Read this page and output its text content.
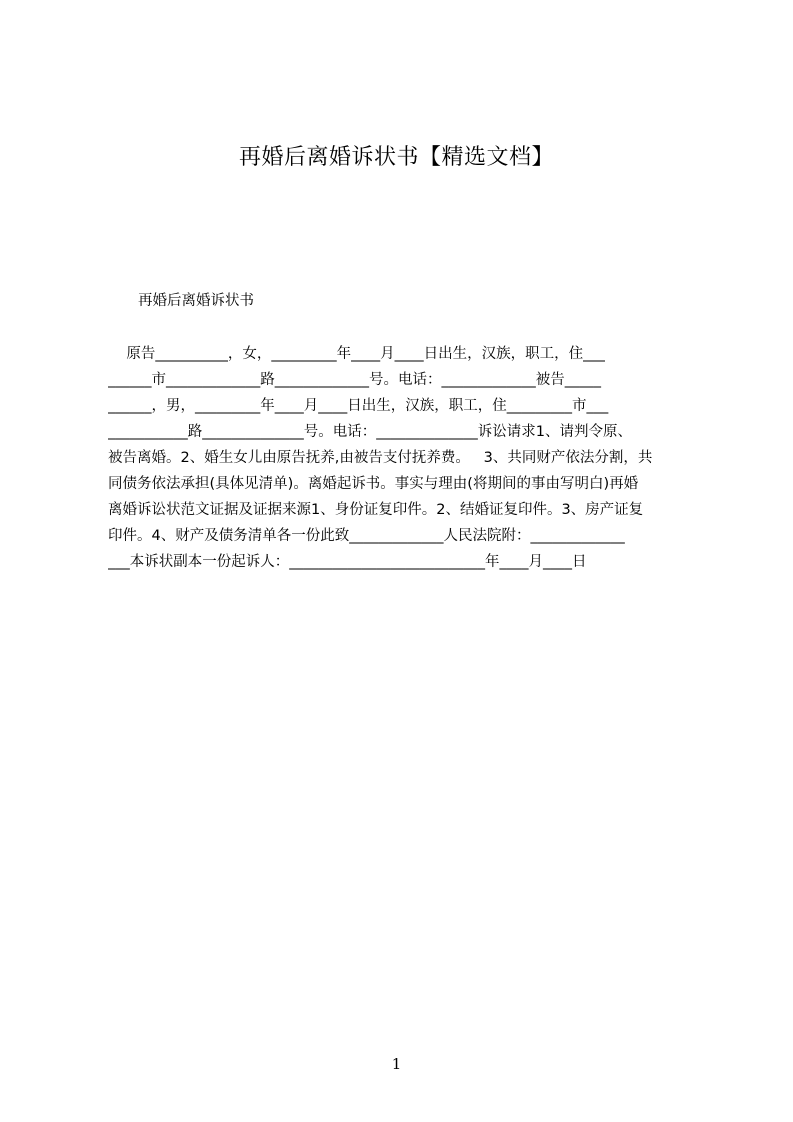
再婚后离婚诉状书【精选文档】
再婚后离婚诉状书
原告__________，女，_________年____月____日出生，汉族，职工，住___
______市_____________路_____________号。电话：_____________被告_____
______，男，_________年____月____日出生，汉族，职工，住_________市___
___________路______________号。电话：______________诉讼请求1、请判令原、
被告离婚。2、婚生女儿由原告抚养,由被告支付抚养费。   3、共同财产依法分割，共
同债务依法承担(具体见清单)。离婚起诉书。事实与理由(将期间的事由写明白)再婚
离婚诉讼状范文证据及证据来源1、身份证复印件。2、结婚证复印件。3、房产证复
印件。4、财产及债务清单各一份此致_____________人民法院附：_____________
___本诉状副本一份起诉人：___________________________年____月____日
1
